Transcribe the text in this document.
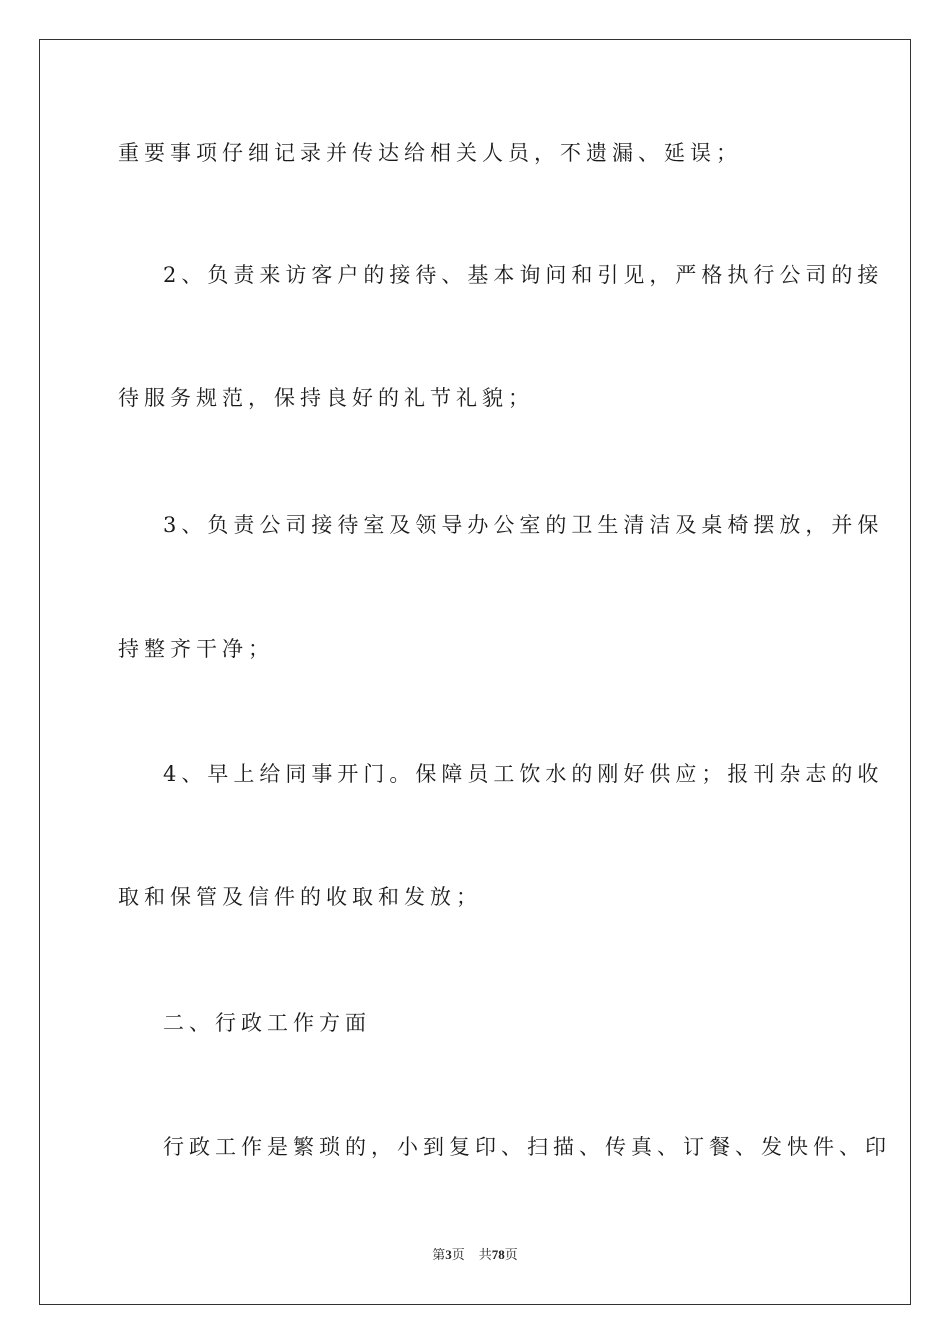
重要事项仔细记录并传达给相关人员，不遗漏、延误；
2、负责来访客户的接待、基本询问和引见，严格执行公司的接
待服务规范，保持良好的礼节礼貌；
3、负责公司接待室及领导办公室的卫生清洁及桌椅摆放，并保
持整齐干净；
4、早上给同事开门。保障员工饮水的刚好供应；报刊杂志的收
取和保管及信件的收取和发放；
二、行政工作方面
行政工作是繁琐的，小到复印、扫描、传真、订餐、发快件、印
第3页 共78页
